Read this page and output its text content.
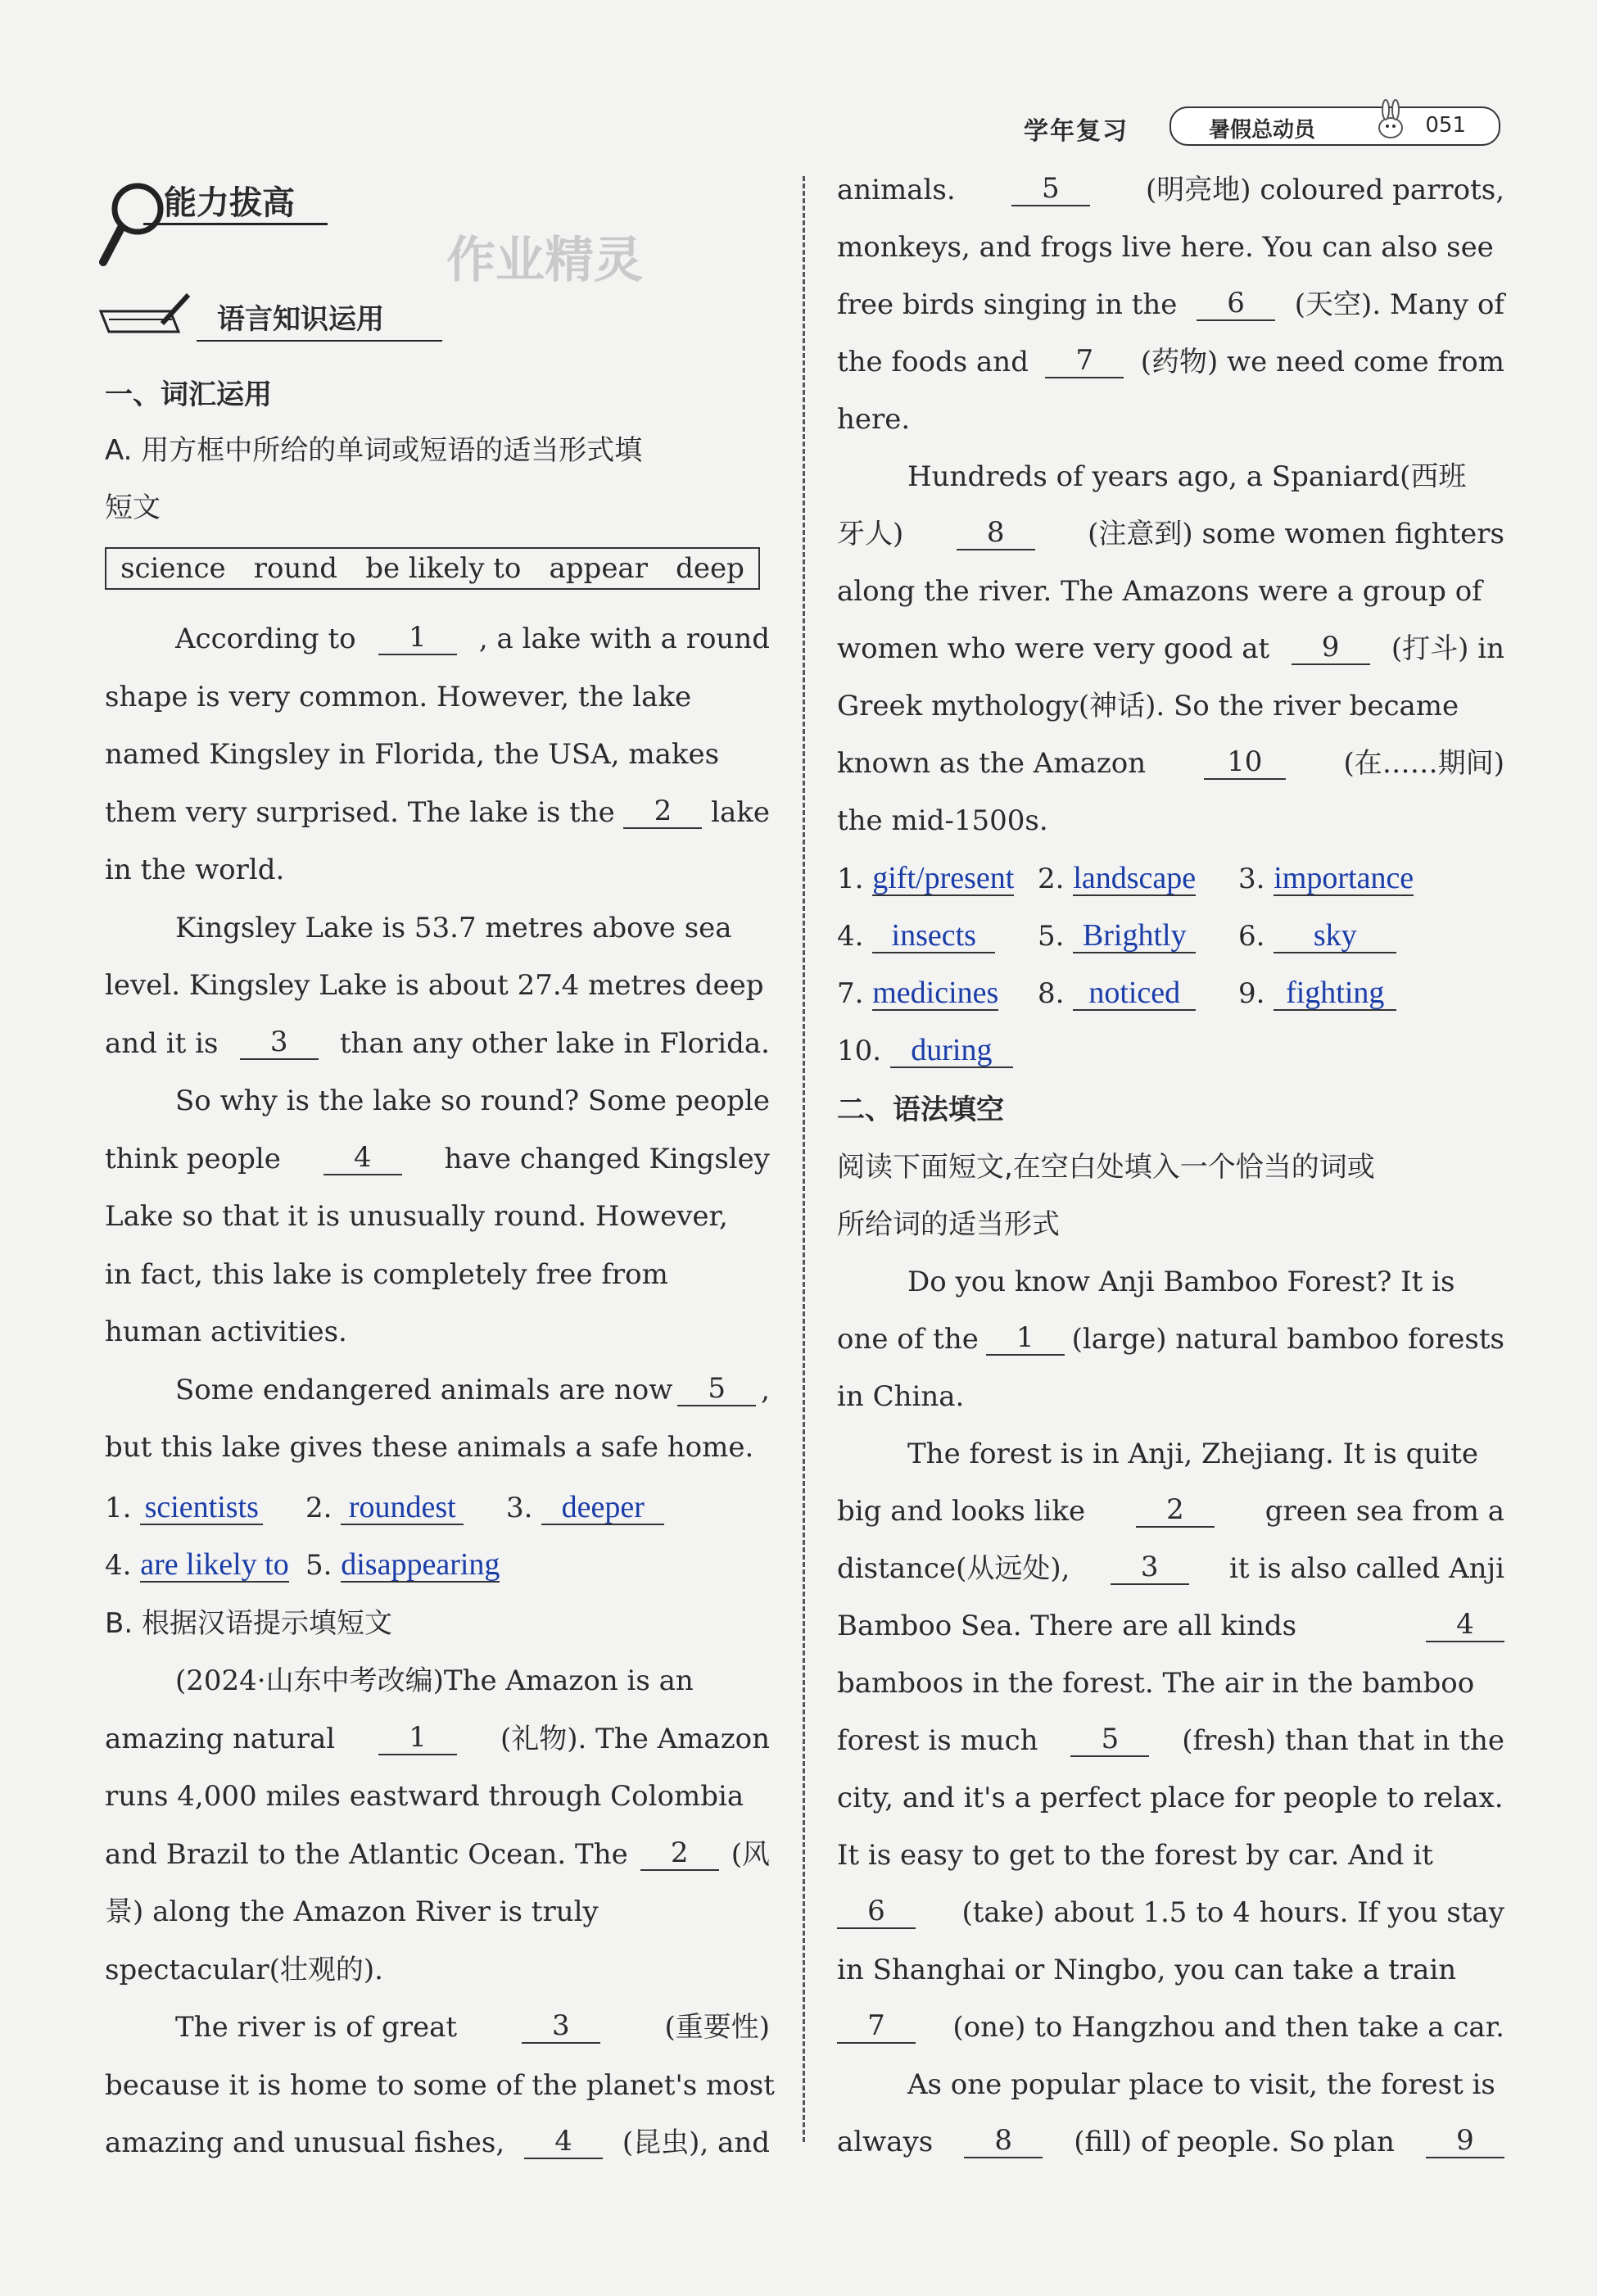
学年复习	暑假总动员	051
能力拔高
作业精灵
语言知识运用
一、词汇运用
A. 用方框中所给的单词或短语的适当形式填
短文
science round be likely to appear deep
According to	1	, a lake with a round
shape is very common. However, the lake
named Kingsley in Florida, the USA, makes
them very surprised. The lake is the	2	lake
in the world.
Kingsley Lake is 53.7 metres above sea
level. Kingsley Lake is about 27.4 metres deep
and it is	3	than any other lake in Florida.
So why is the lake so round? Some people
think people	4	have changed Kingsley
Lake so that it is unusually round. However,
in fact, this lake is completely free from
human activities.
Some endangered animals are now	5	,
but this lake gives these animals a safe home.
1. scientists 2. roundest 3. deeper
4. are likely to 5. disappearing
B. 根据汉语提示填短文
(2024·山东中考改编)The Amazon is an
amazing natural	1	(礼物). The Amazon
runs 4,000 miles eastward through Colombia
and Brazil to the Atlantic Ocean. The	2	(风
景) along the Amazon River is truly
spectacular(壮观的).
The river is of great	3	(重要性)
because it is home to some of the planet's most
amazing and unusual fishes,	4	(昆虫), and
animals.	5	(明亮地) coloured parrots,
monkeys, and frogs live here. You can also see
free birds singing in the	6	(天空). Many of
the foods and	7	(药物) we need come from
here.
Hundreds of years ago, a Spaniard(西班
牙人)	8	(注意到) some women fighters
along the river. The Amazons were a group of
women who were very good at	9	(打斗) in
Greek mythology(神话). So the river became
known as the Amazon	10	(在……期间)
the mid-1500s.
1. gift/present 2. landscape 3. importance
4. insects	5. Brightly	6. sky
7. medicines 8. noticed	9. fighting
10. during
二、语法填空
阅读下面短文,在空白处填入一个恰当的词或
所给词的适当形式
Do you know Anji Bamboo Forest? It is
one of the	1	(large) natural bamboo forests
in China.
The forest is in Anji, Zhejiang. It is quite
big and looks like	2	green sea from a
distance(从远处),	3	it is also called Anji
Bamboo Sea. There are all kinds	4
bamboos in the forest. The air in the bamboo
forest is much	5	(fresh) than that in the
city, and it's a perfect place for people to relax.
It is easy to get to the forest by car. And it
6	(take) about 1.5 to 4 hours. If you stay
in Shanghai or Ningbo, you can take a train
7	(one) to Hangzhou and then take a car.
As one popular place to visit, the forest is
always	8	(fill) of people. So plan	9
